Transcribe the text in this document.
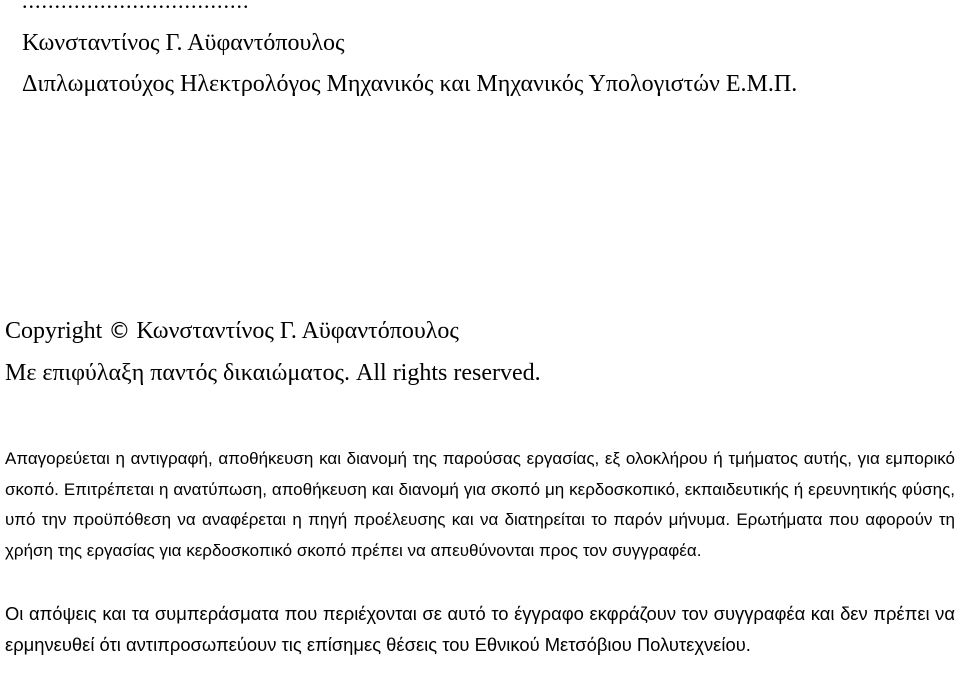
...................................
Κωνσταντίνος Γ. Αϋφαντόπουλος
Διπλωματούχος Ηλεκτρολόγος Μηχανικός και Μηχανικός Υπολογιστών Ε.Μ.Π.
Copyright © Κωνσταντίνος Γ. Αϋφαντόπουλος
Με επιφύλαξη παντός δικαιώματος. All rights reserved.
Απαγορεύεται η αντιγραφή, αποθήκευση και διανομή της παρούσας εργασίας, εξ ολοκλήρου ή τμήματος αυτής, για εμπορικό σκοπό. Επιτρέπεται η ανατύπωση, αποθήκευση και διανομή για σκοπό μη κερδοσκοπικό, εκπαιδευτικής ή ερευνητικής φύσης, υπό την προϋπόθεση να αναφέρεται η πηγή προέλευσης και να διατηρείται το παρόν μήνυμα. Ερωτήματα που αφορούν τη χρήση της εργασίας για κερδοσκοπικό σκοπό πρέπει να απευθύνονται προς τον συγγραφέα.
Οι απόψεις και τα συμπεράσματα που περιέχονται σε αυτό το έγγραφο εκφράζουν τον συγγραφέα και δεν πρέπει να ερμηνευθεί ότι αντιπροσωπεύουν τις επίσημες θέσεις του Εθνικού Μετσόβιου Πολυτεχνείου.
